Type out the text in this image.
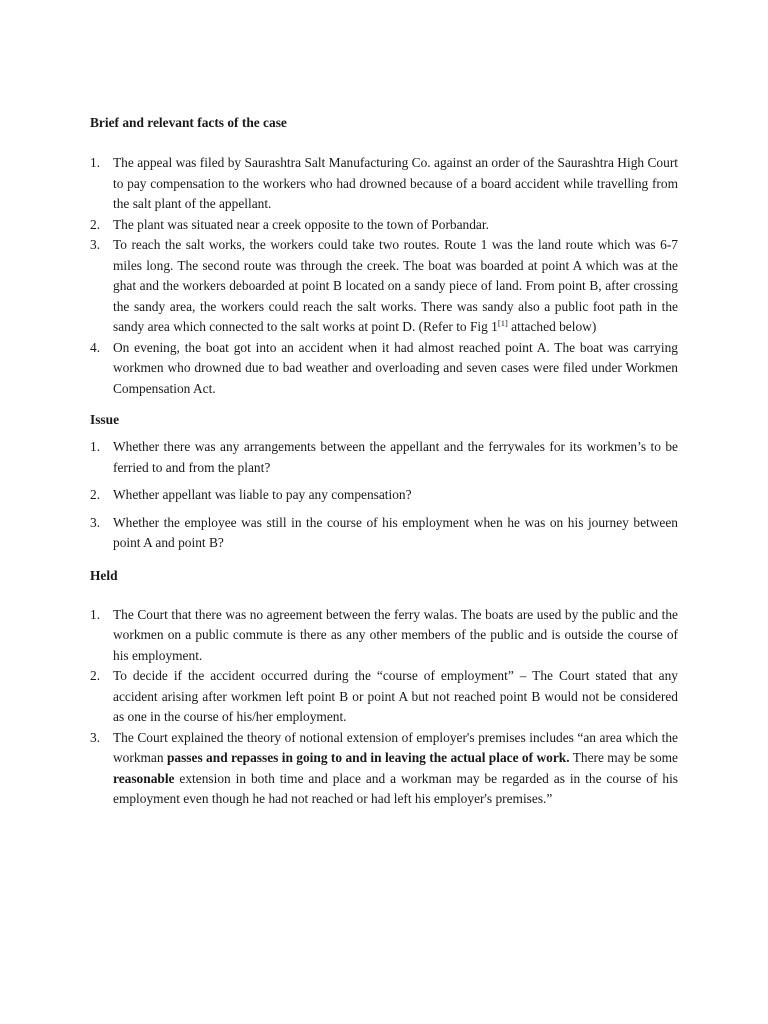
Brief and relevant facts of the case

1. The appeal was filed by Saurashtra Salt Manufacturing Co. against an order of the Saurashtra High Court to pay compensation to the workers who had drowned because of a board accident while travelling from the salt plant of the appellant.
2. The plant was situated near a creek opposite to the town of Porbandar.
3. To reach the salt works, the workers could take two routes. Route 1 was the land route which was 6-7 miles long. The second route was through the creek. The boat was boarded at point A which was at the ghat and the workers deboarded at point B located on a sandy piece of land. From point B, after crossing the sandy area, the workers could reach the salt works. There was sandy also a public foot path in the sandy area which connected to the salt works at point D. (Refer to Fig 1[1] attached below)
4. On evening, the boat got into an accident when it had almost reached point A. The boat was carrying workmen who drowned due to bad weather and overloading and seven cases were filed under Workmen Compensation Act.

Issue

1. Whether there was any arrangements between the appellant and the ferrywales for its workmen’s to be ferried to and from the plant?
2. Whether appellant was liable to pay any compensation?
3. Whether the employee was still in the course of his employment when he was on his journey between point A and point B?

Held

1. The Court that there was no agreement between the ferry walas. The boats are used by the public and the workmen on a public commute is there as any other members of the public and is outside the course of his employment.
2. To decide if the accident occurred during the “course of employment” – The Court stated that any accident arising after workmen left point B or point A but not reached point B would not be considered as one in the course of his/her employment.
3. The Court explained the theory of notional extension of employer's premises includes “an area which the workman passes and repasses in going to and in leaving the actual place of work. There may be some reasonable extension in both time and place and a workman may be regarded as in the course of his employment even though he had not reached or had left his employer's premises.”
